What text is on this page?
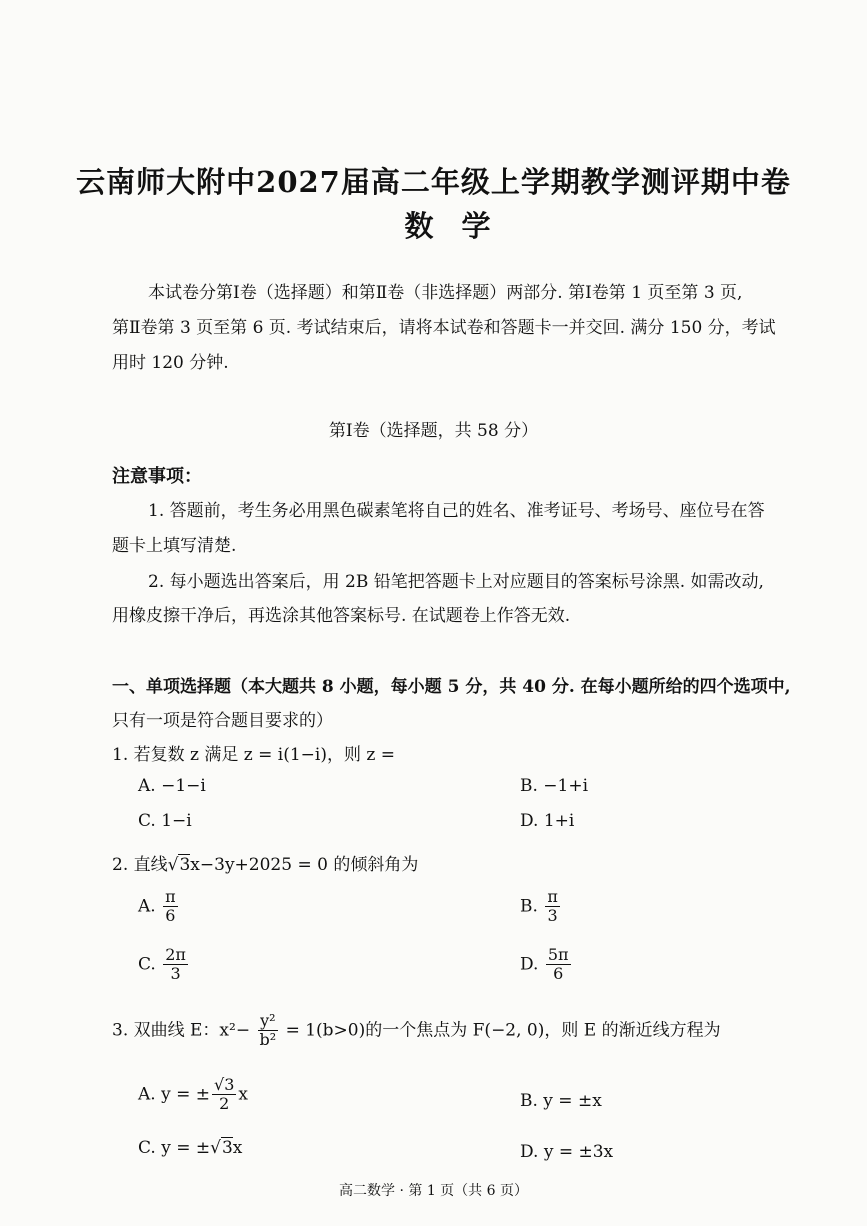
云南师大附中2027届高二年级上学期教学测评期中卷
数学
本试卷分第Ⅰ卷（选择题）和第Ⅱ卷（非选择题）两部分. 第Ⅰ卷第 1 页至第 3 页,
第Ⅱ卷第 3 页至第 6 页. 考试结束后，请将本试卷和答题卡一并交回. 满分 150 分，考试
用时 120 分钟.
第Ⅰ卷（选择题，共 58 分）
注意事项：
1. 答题前，考生务必用黑色碳素笔将自己的姓名、准考证号、考场号、座位号在答
题卡上填写清楚.
2. 每小题选出答案后，用 2B 铅笔把答题卡上对应题目的答案标号涂黑. 如需改动,
用橡皮擦干净后，再选涂其他答案标号. 在试题卷上作答无效.
一、单项选择题（本大题共 8 小题，每小题 5 分，共 40 分. 在每小题所给的四个选项中,
只有一项是符合题目要求的）
1. 若复数 z 满足 z = i(1−i)，则 z =
A. −1−i	B. −1+i
C. 1−i	D. 1+i
2. 直线√3x−3y+2025 = 0 的倾斜角为
A. $\frac{\pi}{6}$	B. $\frac{\pi}{3}$
C. $\frac{2\pi}{3}$	D. $\frac{5\pi}{6}$
3. 双曲线 E：$x^2- \frac{\text{y²}}{\text{b²}} = 1(b>0)$的一个焦点为 F(−2, 0)，则 E 的渐近线方程为
A. y = ± $\frac{√3}{2}$ x	B. y = ±x
C. y = ±√3x	D. y = ±3x
高二数学 · 第 1 页（共 6 页）
